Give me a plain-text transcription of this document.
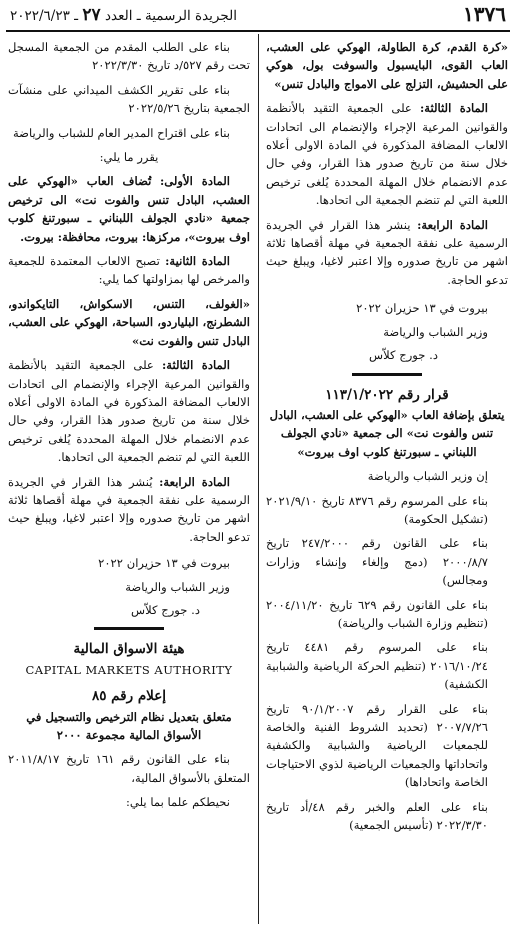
١٣٧٦
الجريدة الرسمية ـ العدد ٢٧ ـ ٢٠٢٢/٦/٢٣

«كرة القدم، كرة الطاولة، الهوكي على العشب، العاب القوى، البايسبول والسوفت بول، هوكي على الحشيش، التزلج على الامواج والبادل تنس»

المادة الثالثة: على الجمعية التقيد بالأنظمة والقوانين المرعية الإجراء والإنضمام الى اتحادات الالعاب المضافة المذكورة في المادة الاولى أعلاه خلال سنة من تاريخ صدور هذا القرار، وفي حال عدم الانضمام خلال المهلة المحددة يُلغى ترخيص اللعبة التي لم تنضم الجمعية الى اتحادها.

المادة الرابعة: ينشر هذا القرار في الجريدة الرسمية على نفقة الجمعية في مهلة أقصاها ثلاثة اشهر من تاريخ صدوره وإلا اعتبر لاغيا، ويبلغ حيث تدعو الحاجة.

بيروت في ١٣ حزيران ٢٠٢٢

وزير الشباب والرياضة

د. جورج كلاّس

قرار رقم ١١٣/١/٢٠٢٢

يتعلق بإضافة العاب «الهوكي على العشب، البادل تنس والفوت نت» الى جمعية «نادي الجولف اللبناني ـ سبورتنغ كلوب اوف بيروت»

إن وزير الشباب والرياضة

بناء على المرسوم رقم ٨٣٧٦ تاريخ ٢٠٢١/٩/١٠ (تشكيل الحكومة)

بناء على القانون رقم ٢٤٧/٢٠٠٠ تاريخ ٢٠٠٠/٨/٧ (دمج وإلغاء وإنشاء وزارات ومجالس)

بناء على القانون رقم ٦٢٩ تاريخ ٢٠٠٤/١١/٢٠ (تنظيم وزارة الشباب والرياضة)

بناء على المرسوم رقم ٤٤٨١ تاريخ ٢٠١٦/١٠/٢٤ (تنظيم الحركة الرياضية والشبابية الكشفية)

بناء على القرار رقم ٩٠/١/٢٠٠٧ تاريخ ٢٠٠٧/٧/٢٦ (تحديد الشروط الفنية والخاصة للجمعيات الرياضية والشبابية والكشفية واتحاداتها والجمعيات الرياضية لذوي الاحتياجات الخاصة واتحاداها)

بناء على العلم والخبر رقم ٤٨/أد تاريخ ٢٠٢٢/٣/٣٠ (تأسيس الجمعية)

بناء على الطلب المقدم من الجمعية المسجل تحت رقم ٥٢٧/د تاريخ ٢٠٢٢/٣/٣٠

بناء على تقرير الكشف الميداني على منشآت الجمعية بتاريخ ٢٠٢٢/٥/٢٦

بناء على اقتراح المدير العام للشباب والرياضة

يقرر ما يلي:

المادة الأولى: تُضاف العاب «الهوكي على العشب، البادل تنس والفوت نت» الى ترخيص جمعية «نادي الجولف اللبناني ـ سبورتنغ كلوب اوف بيروت»، مركزها: بيروت، محافظة: بيروت.

المادة الثانية: تصبح الالعاب المعتمدة للجمعية والمرخص لها بمزاولتها كما يلي:

«الغولف، التنس، الاسكواش، التايكواندو، الشطرنج، البلياردو، السباحة، الهوكي على العشب، البادل تنس والفوت نت»

المادة الثالثة: على الجمعية التقيد بالأنظمة والقوانين المرعية الإجراء والإنضمام الى اتحادات الالعاب المضافة المذكورة في المادة الاولى أعلاه خلال سنة من تاريخ صدور هذا القرار، وفي حال عدم الانضمام خلال المهلة المحددة يُلغى ترخيص اللعبة التي لم تنضم الجمعية الى اتحادها.

المادة الرابعة: يُنشر هذا القرار في الجريدة الرسمية على نفقة الجمعية في مهلة أقصاها ثلاثة اشهر من تاريخ صدوره وإلا اعتبر لاغيا، ويبلغ حيث تدعو الحاجة.

بيروت في ١٣ حزيران ٢٠٢٢

وزير الشباب والرياضة

د. جورج كلاّس

هيئة الاسواق المالية

CAPITAL MARKETS AUTHORITY

إعلام رقم ٨٥

متعلق بتعديل نظام الترخيص والتسجيل في الأسواق المالية مجموعة ٢٠٠٠

بناء على القانون رقم ١٦١ تاريخ ٢٠١١/٨/١٧ المتعلق بالأسواق المالية،

نحيطكم علما بما يلي:
